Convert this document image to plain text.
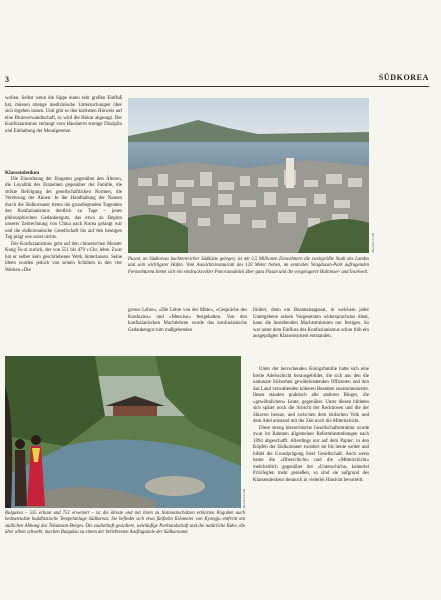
3	SÜDKOREA

wollen. Selbst wenn die Sippe einen sehr großen Einfluß hat, müssen strenge medizinische Untersuchungen über sich ergehen lassen. Und gibt es den kleinsten Hinweis auf eine Blutsverwandtschaft, so wird die Heirat abgesagt. Der Konfuzianismus verlangt vom Hausherrn strenge Disziplin und Einhaltung der Moralgesetze.

Klassendenken

Die Einordnung der Jüngeren gegenüber den Älteren, die Loyalität des Einzelnen gegenüber der Familie, die strikte Befolgung der gesellschaftlichen Normen, die Verehrung der Ahnen: In der Handhabung der Namen durch die Südkoreaner treten die grundlegenden Tugenden des Konfuzianismus deutlich zu Tage – jenes philosophischen Gedankenguts, das etwa zu Beginn unserer Zeitrechnung von China nach Korea gelangt war und die südkoreanische Gesellschaft bis auf den heutigen Tag prägt wie sonst nichts.

Der Konfuzianismus geht auf den chinesischen Meister Kong Fu-zi zurück, der von 551 bis 479 v.Chr. lebte. Zwar hat er selber kein geschriebenes Werk hinterlassen. Seine Ideen wurden jedoch von seinen Schülern in den vier Werken »Die

Bernard Gille
Pusan, an Südkoreas buchtenreicher Südküste gelegen, ist mit 3,5 Millionen Einwohnern die zweitgrößte Stadt des Landes und sein wichtigster Hafen. Vom Aussichtsrestaurant des 120 Meter hohen, im zentralen Yongdusan-Park aufragenden Fernsehturms bietet sich ein eindrucksvoller Panoramablick über ganz Pusan und die vorgelagerte Halbinsel- und Inselwelt.

grosse Lehre«, »Die Lehre von der Mitte«, »Gespräche des Konfuzius« und »Mencius« festgehalten. Von den konfuzianischen Machtlehren wurde das konfuzianische Gedankengut zum maßgebenden

fördert, denn ein Beamtenapparat, in welchem jeder Untergebene seinen Vorgesetzten widerspruchslos dient, kann die bestehenden Machtstrukturen nur festigen. So war unter dem Einfluss des Konfuzianismus schon früh ein ausgeprägtes Klassensystem entstanden.

Unter der herrschenden Königsfamilie hatte sich eine breite Adelsschicht herausgebildet, die sich aus den die nationale Sicherheit gewährleistenden Offizieren und den das Land verwaltenden höheren Beamten zusammensetzte. Ihnen standen praktisch alle anderen Bürger, die »gewöhnlichen« Leute, gegenüber. Unter diesen bildeten sich später noch die Schicht der Rechtlosen und die der Sklaven heraus, und zwischen dem einfachen Volk und dem Adel entstand mit der Zeit noch die Mittelschicht.

Diese streng hierarchische Gesellschaftsstruktur wurde zwar im Rahmen allgemeiner Reformbestrebungen nach 1894 abgeschafft. Allerdings nur auf dem Papier; in den Köpfen der Südkoreaner existiert sie bis heute weiter und bildet die Grundprägung ihrer Gesellschaft. Auch wenn heute die »Oberschicht« und die »Mittelschicht« mehrheitlich gegenüber der »Unterschicht« keinerlei Privilegien mehr genießen, so sind sie aufgrund des Klassendenkens dennoch in vielerlei Hinsicht bevorteilt.

Bernard Gille
Bulguksa – 535 erbaut und 751 erweitert – ist die älteste und mit ihren zu Nationalschätzen erklärten Pagoden auch bedeutendste buddhistische Tempelanlage Südkoreas. Sie befindet sich etwa fünfzehn Kilometer von Kyongju entfernt am südlichen Abhang des Tohamsan-Berges. Die zauberhaft gestaltete, weitläufige Parklandschaft und die natürliche Ruhe, die über allem schwebt, machen Bulguksa zu einem der beliebtesten Ausflugsziele der Südkoreaner.
